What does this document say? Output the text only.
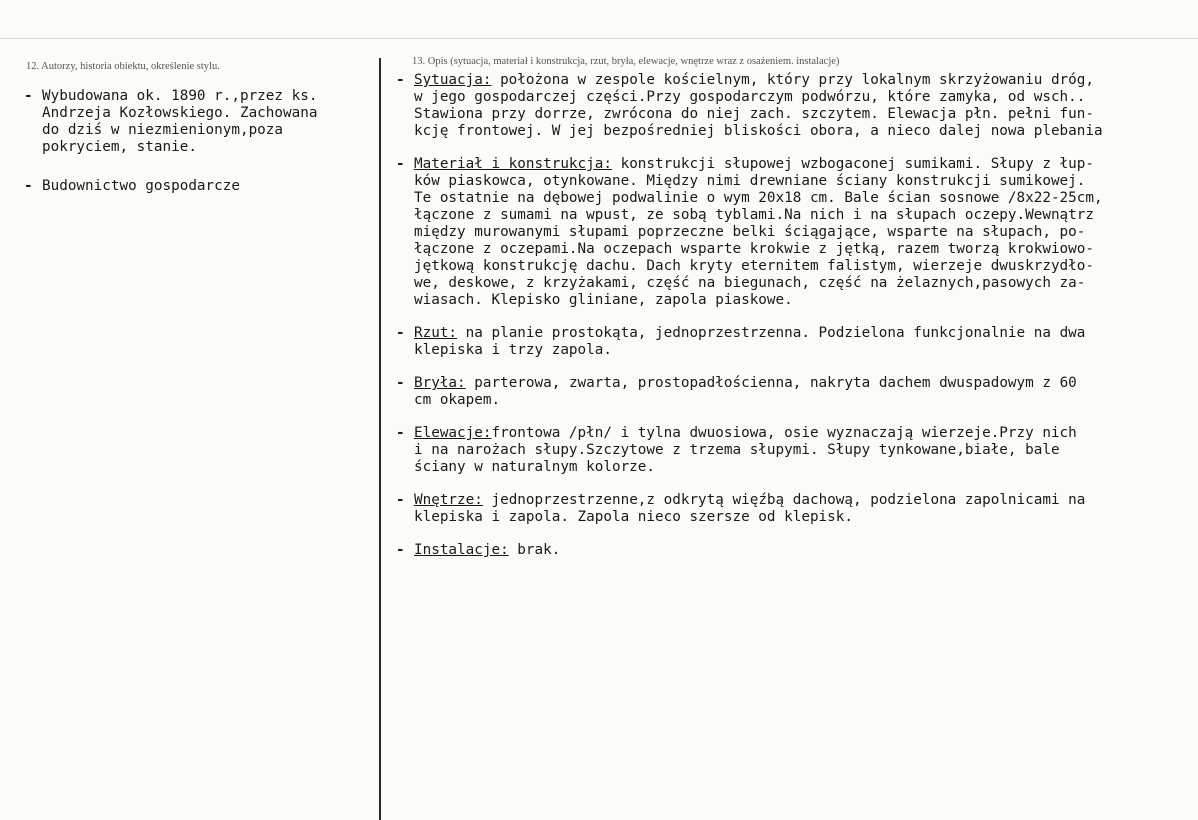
12. Autorzy, historia obiektu, określenie stylu.	13. Opis (sytuacja, materiał i konstrukcja, rzut, bryła, elewacje, wnętrze wraz z osażeniem. instalacje)
- Wybudowana ok. 1890 r.,przez ks.

Andrzeja Kozłowskiego. Zachowana

do dziś w niezmienionym,poza

pokryciem, stanie.

- Budownictwo gospodarcze

- Sytuacja: położona w zespole kościelnym, który przy lokalnym skrzyżowaniu dróg,

w jego gospodarczej części.Przy gospodarczym podwórzu, które zamyka, od wsch..

Stawiona przy dorrze, zwrócona do niej zach. szczytem. Elewacja płn. pełni fun-

kcję frontowej. W jej bezpośredniej bliskości obora, a nieco dalej nowa plebania

- Materiał i konstrukcja: konstrukcji słupowej wzbogaconej sumikami. Słupy z łup-

ków piaskowca, otynkowane. Między nimi drewniane ściany konstrukcji sumikowej.

Te ostatnie na dębowej podwalinie o wym 20x18 cm. Bale ścian sosnowe /8x22-25cm,

łączone z sumami na wpust, ze sobą tyblami.Na nich i na słupach oczepy.Wewnątrz

między murowanymi słupami poprzeczne belki ściągające, wsparte na słupach, po-

łączone z oczepami.Na oczepach wsparte krokwie z jętką, razem tworzą krokwiowo-

jętkową konstrukcję dachu. Dach kryty eternitem falistym, wierzeje dwuskrzydło-

we, deskowe, z krzyżakami, część na biegunach, część na żelaznych,pasowych za-

wiasach. Klepisko gliniane, zapola piaskowe.

- Rzut: na planie prostokąta, jednoprzestrzenna. Podzielona funkcjonalnie na dwa

klepiska i trzy zapola.

- Bryła: parterowa, zwarta, prostopadłościenna, nakryta dachem dwuspadowym z 60

cm okapem.

- Elewacje:frontowa /płn/ i tylna dwuosiowa, osie wyznaczają wierzeje.Przy nich

i na narożach słupy.Szczytowe z trzema słupymi. Słupy tynkowane,białe, bale

ściany w naturalnym kolorze.

- Wnętrze: jednoprzestrzenne,z odkrytą więźbą dachową, podzielona zapolnicami na

klepiska i zapola. Zapola nieco szersze od klepisk.

- Instalacje: brak.
